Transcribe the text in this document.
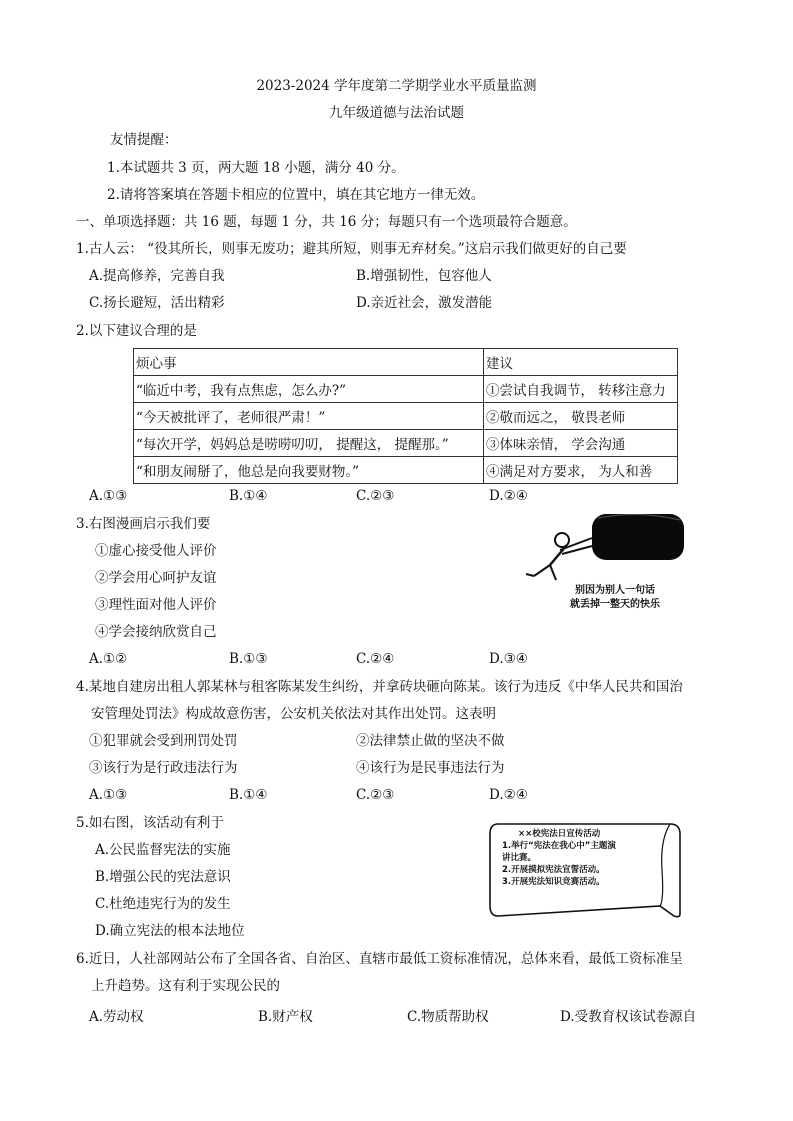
2023-2024 学年度第二学期学业水平质量监测
九年级道德与法治试题
友情提醒：
1.本试题共 3 页，两大题 18 小题，满分 40 分。
2.请将答案填在答题卡相应的位置中，填在其它地方一律无效。
一、单项选择题：共 16 题，每题 1 分，共 16 分；每题只有一个选项最符合题意。
1.古人云： “役其所长，则事无废功；避其所短，则事无弃材矣。”这启示我们做更好的自己要
A.提高修养，完善自我	B.增强韧性，包容他人
C.扬长避短，活出精彩	D.亲近社会，激发潜能
2.以下建议合理的是
烦心事	建议
“临近中考，我有点焦虑，怎么办?”	①尝试自我调节， 转移注意力
“今天被批评了，老师很严肃！”	②敬而远之， 敬畏老师
“每次开学，妈妈总是唠唠叨叨， 提醒这， 提醒那。”	③体味亲情， 学会沟通
“和朋友闹掰了，他总是向我要财物。”	④满足对方要求， 为人和善
A.①③	B.①④	C.②③	D.②④
3.右图漫画启示我们要
①虚心接受他人评价
②学会用心呵护友谊
③理性面对他人评价
④学会接纳欣赏自己
别因为别人一句话
就丢掉一整天的快乐
A.①②	B.①③	C.②④	D.③④
4.某地自建房出租人郭某林与租客陈某发生纠纷，并拿砖块砸向陈某。该行为违反《中华人民共和国治
安管理处罚法》构成故意伤害，公安机关依法对其作出处罚。这表明
①犯罪就会受到刑罚处罚	②法律禁止做的坚决不做
③该行为是行政违法行为	④该行为是民事违法行为
A.①③	B.①④	C.②③	D.②④
5.如右图，该活动有利于
A.公民监督宪法的实施
B.增强公民的宪法意识
C.杜绝违宪行为的发生
D.确立宪法的根本法地位
××校宪法日宣传活动
1.举行“宪法在我心中”主题演
讲比赛。
2.开展摸拟宪法宣誓活动。
3.开展宪法知识竞赛活动。
6.近日，人社部网站公布了全国各省、自治区、直辖市最低工资标准情况，总体来看，最低工资标准呈
上升趋势。这有利于实现公民的
A.劳动权	B.财产权	C.物质帮助权	D.受教育权该试卷源自
